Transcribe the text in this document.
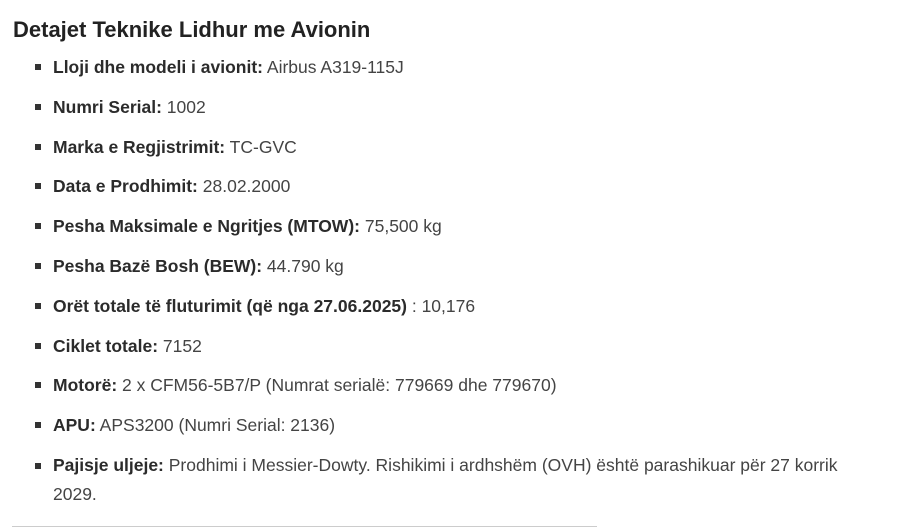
Detajet Teknike Lidhur me Avionin
Lloji dhe modeli i avionit: Airbus A319-115J
Numri Serial: 1002
Marka e Regjistrimit: TC-GVC
Data e Prodhimit: 28.02.2000
Pesha Maksimale e Ngritjes (MTOW): 75,500 kg
Pesha Bazë Bosh (BEW): 44.790 kg
Orët totale të fluturimit (që nga 27.06.2025) : 10,176
Ciklet totale: 7152
Motorë: 2 x CFM56-5B7/P (Numrat serialë: 779669 dhe 779670)
APU: APS3200 (Numri Serial: 2136)
Pajisje uljeje: Prodhimi i Messier-Dowty. Rishikimi i ardhshëm (OVH) është parashikuar për 27 korrik 2029.
